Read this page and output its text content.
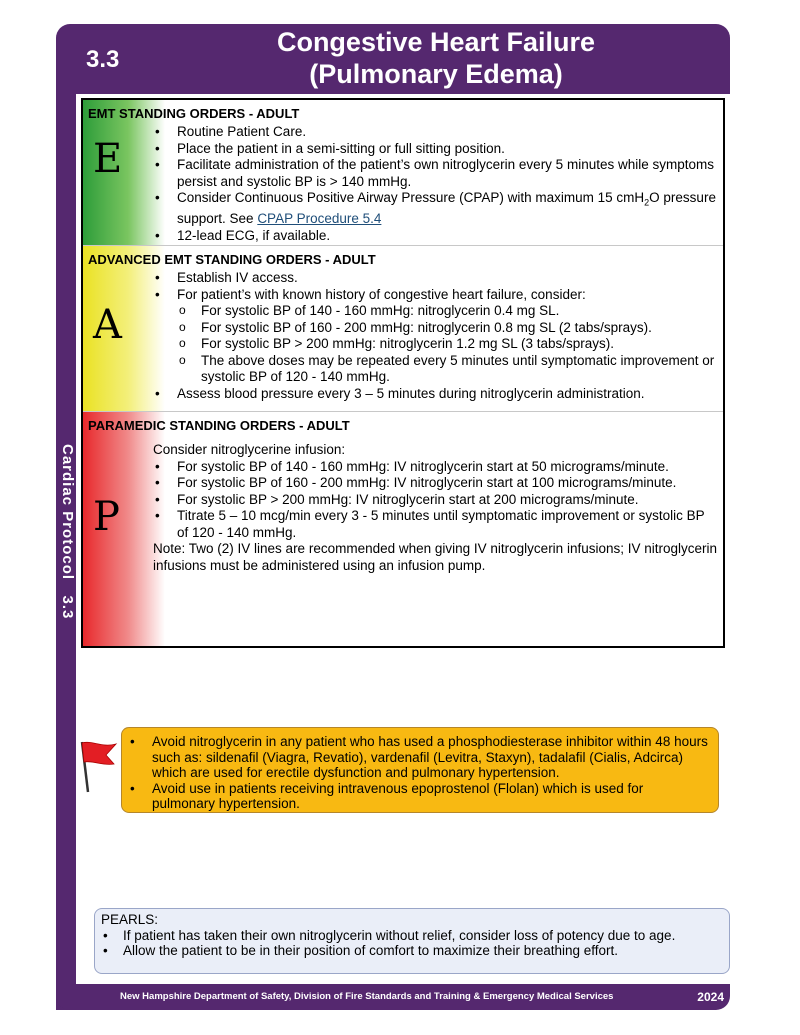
3.3
Congestive Heart Failure
(Pulmonary Edema)
Cardiac Protocol   3.3
EMT STANDING ORDERS - ADULT
E
• Routine Patient Care.
• Place the patient in a semi-sitting or full sitting position.
• Facilitate administration of the patient’s own nitroglycerin every 5 minutes while symptoms persist and systolic BP is > 140 mmHg.
• Consider Continuous Positive Airway Pressure (CPAP) with maximum 15 cmH$_2$O pressure support. See CPAP Procedure 5.4
• 12-lead ECG, if available.
ADVANCED EMT STANDING ORDERS - ADULT
A
• Establish IV access.
• For patient’s with known history of congestive heart failure, consider:
o For systolic BP of 140 - 160 mmHg: nitroglycerin 0.4 mg SL.
o For systolic BP of 160 - 200 mmHg: nitroglycerin 0.8 mg SL (2 tabs/sprays).
o For systolic BP > 200 mmHg: nitroglycerin 1.2 mg SL (3 tabs/sprays).
o The above doses may be repeated every 5 minutes until symptomatic improvement or systolic BP of 120 - 140 mmHg.
• Assess blood pressure every 3 – 5 minutes during nitroglycerin administration.
PARAMEDIC STANDING ORDERS - ADULT
P
Consider nitroglycerine infusion:
• For systolic BP of 140 - 160 mmHg: IV nitroglycerin start at 50 micrograms/minute.
• For systolic BP of 160 - 200 mmHg: IV nitroglycerin start at 100 micrograms/minute.
• For systolic BP > 200 mmHg: IV nitroglycerin start at 200 micrograms/minute.
• Titrate 5 – 10 mcg/min every 3 - 5 minutes until symptomatic improvement or systolic BP of 120 - 140 mmHg.
Note: Two (2) IV lines are recommended when giving IV nitroglycerin infusions; IV nitroglycerin infusions must be administered using an infusion pump.
• Avoid nitroglycerin in any patient who has used a phosphodiesterase inhibitor within 48 hours such as: sildenafil (Viagra, Revatio), vardenafil (Levitra, Staxyn), tadalafil (Cialis, Adcirca) which are used for erectile dysfunction and pulmonary hypertension.
• Avoid use in patients receiving intravenous epoprostenol (Flolan) which is used for pulmonary hypertension.
PEARLS:
• If patient has taken their own nitroglycerin without relief, consider loss of potency due to age.
• Allow the patient to be in their position of comfort to maximize their breathing effort.
New Hampshire Department of Safety, Division of Fire Standards and Training & Emergency Medical Services	2024
